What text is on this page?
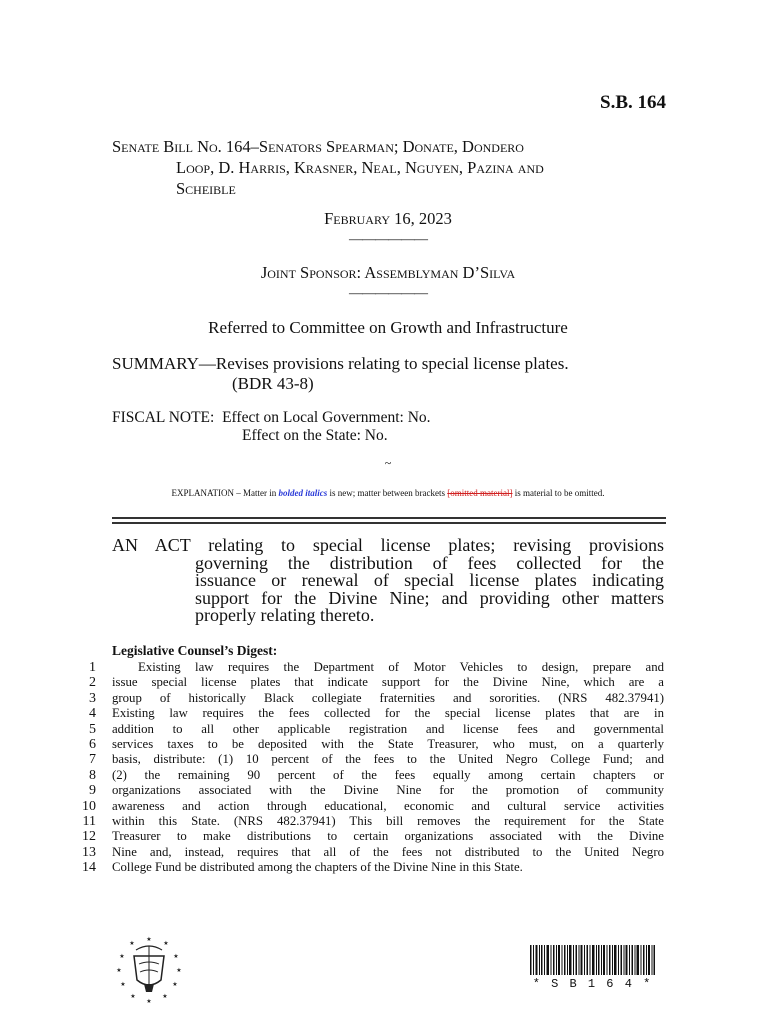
S.B. 164
Senate Bill No. 164–Senators Spearman; Donate, Dondero
Loop, D. Harris, Krasner, Neal, Nguyen, Pazina and
Scheible
February 16, 2023
——————
Joint Sponsor: Assemblyman D’Silva
——————
Referred to Committee on Growth and Infrastructure
SUMMARY—Revises provisions relating to special license plates.
(BDR 43-8)
FISCAL NOTE:  Effect on Local Government: No.
Effect on the State: No.
~
EXPLANATION – Matter in bolded italics is new; matter between brackets [omitted material] is material to be omitted.
AN ACT relating to special license plates; revising provisions
governing the distribution of fees collected for the
issuance or renewal of special license plates indicating
support for the Divine Nine; and providing other matters
properly relating thereto.
Legislative Counsel’s Digest:
1
2
3
4
5
6
7
8
9
10
11
12
13
14
Existing law requires the Department of Motor Vehicles to design, prepare and
issue special license plates that indicate support for the Divine Nine, which are a
group of historically Black collegiate fraternities and sororities. (NRS 482.37941)
Existing law requires the fees collected for the special license plates that are in
addition to all other applicable registration and license fees and governmental
services taxes to be deposited with the State Treasurer, who must, on a quarterly
basis, distribute: (1) 10 percent of the fees to the United Negro College Fund; and
(2) the remaining 90 percent of the fees equally among certain chapters or
organizations associated with the Divine Nine for the promotion of community
awareness and action through educational, economic and cultural service activities
within this State. (NRS 482.37941) This bill removes the requirement for the State
Treasurer to make distributions to certain organizations associated with the Divine
Nine and, instead, requires that all of the fees not distributed to the United Negro
College Fund be distributed among the chapters of the Divine Nine in this State.
★
★
★
★
★
★
★
★
★
★
★
★
* S B 1 6 4 *
